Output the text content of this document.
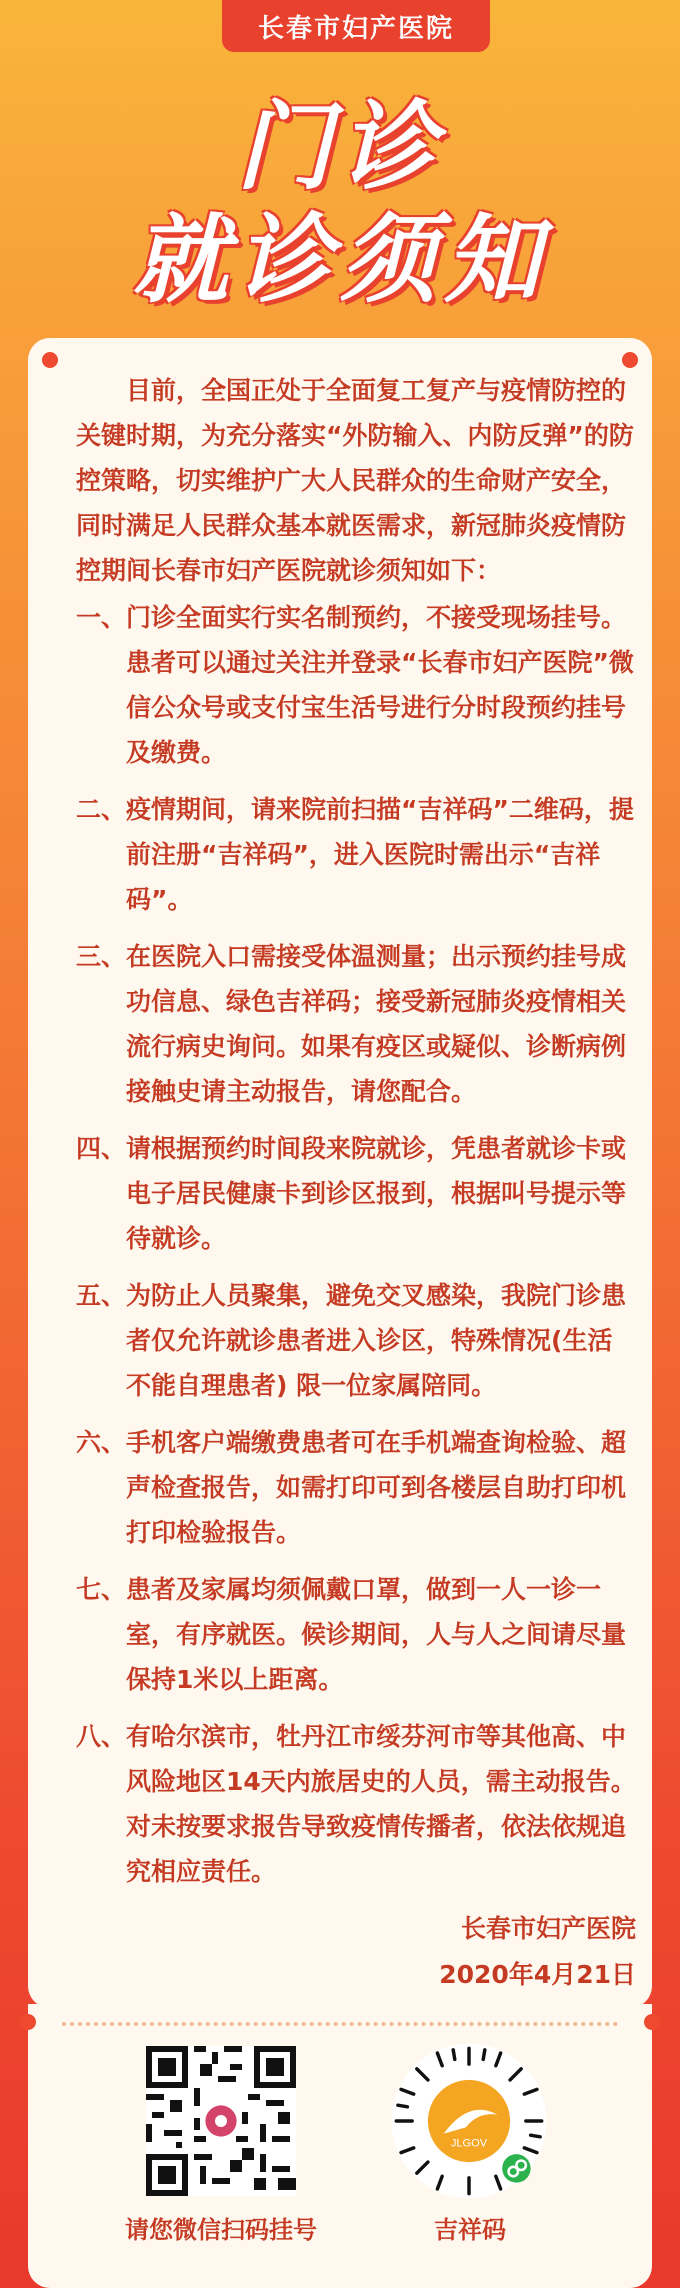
长春市妇产医院
门诊
就诊须知

目前，全国正处于全面复工复产与疫情防控的关键时期，为充分落实“外防输入、内防反弹”的防控策略，切实维护广大人民群众的生命财产安全，同时满足人民群众基本就医需求，新冠肺炎疫情防控期间长春市妇产医院就诊须知如下：

一、 门诊全面实行实名制预约，不接受现场挂号。患者可以通过关注并登录“长春市妇产医院”微信公众号或支付宝生活号进行分时段预约挂号及缴费。
二、 疫情期间，请来院前扫描“吉祥码”二维码，提前注册“吉祥码”，进入医院时需出示“吉祥码”。
三、 在医院入口需接受体温测量；出示预约挂号成功信息、绿色吉祥码；接受新冠肺炎疫情相关流行病史询问。如果有疫区或疑似、诊断病例接触史请主动报告，请您配合。
四、 请根据预约时间段来院就诊，凭患者就诊卡或电子居民健康卡到诊区报到，根据叫号提示等待就诊。
五、 为防止人员聚集，避免交叉感染，我院门诊患者仅允许就诊患者进入诊区，特殊情况(生活不能自理患者) 限一位家属陪同。
六、 手机客户端缴费患者可在手机端查询检验、超声检查报告，如需打印可到各楼层自助打印机打印检验报告。
七、 患者及家属均须佩戴口罩，做到一人一诊一室，有序就医。候诊期间，人与人之间请尽量保持1米以上距离。
八、 有哈尔滨市，牡丹江市绥芬河市等其他高、中风险地区14天内旅居史的人员，需主动报告。对未按要求报告导致疫情传播者，依法依规追究相应责任。
长春市妇产医院
2020年4月21日
请您微信扫码挂号
JLGOV
吉祥码
